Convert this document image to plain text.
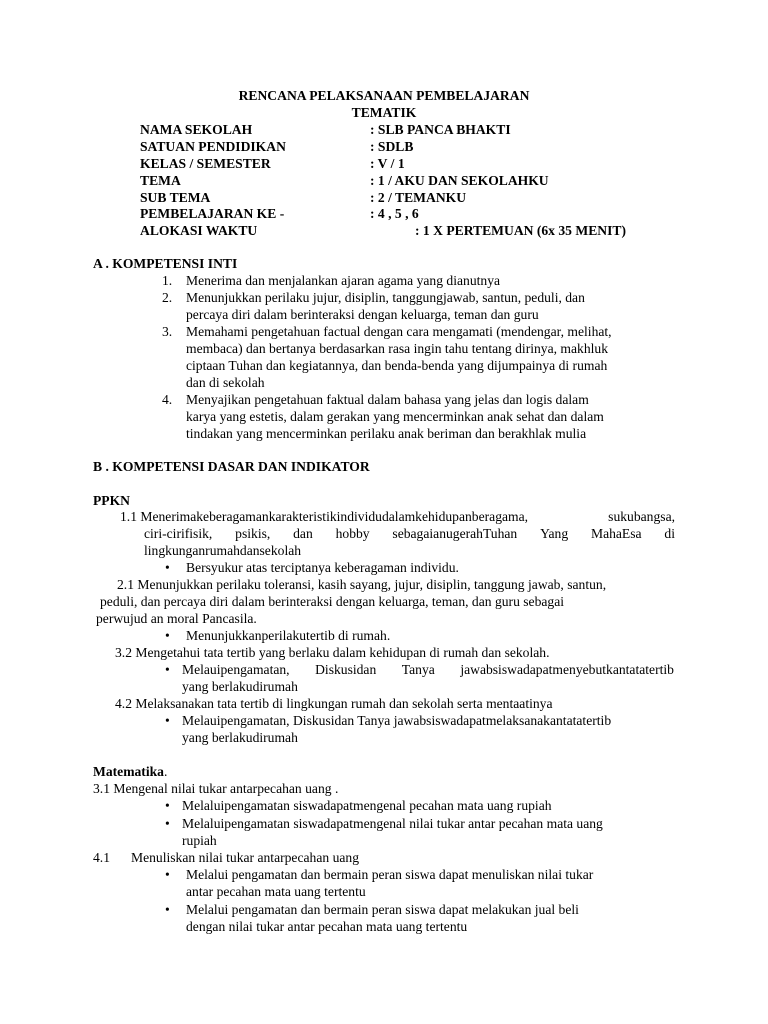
RENCANA PELAKSANAAN PEMBELAJARAN
TEMATIK
NAMA SEKOLAH	: SLB PANCA BHAKTI
SATUAN PENDIDIKAN	: SDLB
KELAS / SEMESTER	: V / 1
TEMA	: 1 / AKU DAN SEKOLAHKU
SUB TEMA	: 2 / TEMANKU
PEMBELAJARAN KE -	: 4 , 5 , 6
ALOKASI WAKTU	: 1 X PERTEMUAN (6x 35 MENIT)
A . KOMPETENSI INTI
1. Menerima dan menjalankan ajaran agama yang dianutnya
2. Menunjukkan perilaku jujur, disiplin, tanggungjawab, santun, peduli, dan
percaya diri dalam berinteraksi dengan keluarga, teman dan guru
3. Memahami pengetahuan factual dengan cara mengamati (mendengar, melihat,
membaca) dan bertanya berdasarkan rasa ingin tahu tentang dirinya, makhluk
ciptaan Tuhan dan kegiatannya, dan benda-benda yang dijumpainya di rumah
dan di sekolah
4. Menyajikan pengetahuan faktual dalam bahasa yang jelas dan logis dalam
karya yang estetis, dalam gerakan yang mencerminkan anak sehat dan dalam
tindakan yang mencerminkan perilaku anak beriman dan berakhlak mulia
B . KOMPETENSI DASAR DAN INDIKATOR
PPKN
1.1 Menerimakeberagamankarakteristikindividudalamkehidupanberagama,	sukubangsa,
ciri-cirifisik, psikis, dan hobby sebagaianugerahTuhan Yang MahaEsa di
lingkunganrumahdansekolah
• Bersyukur atas terciptanya keberagaman individu.
2.1 Menunjukkan perilaku toleransi, kasih sayang, jujur, disiplin, tanggung jawab, santun,
peduli, dan percaya diri dalam berinteraksi dengan keluarga, teman, dan guru sebagai
perwujud an moral Pancasila.
• Menunjukkanperilakutertib di rumah.
3.2 Mengetahui tata tertib yang berlaku dalam kehidupan di rumah dan sekolah.
• Melauipengamatan, Diskusidan Tanya jawabsiswadapatmenyebutkantatatertib
yang berlakudirumah
4.2 Melaksanakan tata tertib di lingkungan rumah dan sekolah serta mentaatinya
• Melauipengamatan, Diskusidan Tanya jawabsiswadapatmelaksanakantatatertib
yang berlakudirumah
Matematika.
3.1 Mengenal nilai tukar antarpecahan uang .
• Melaluipengamatan siswadapatmengenal pecahan mata uang rupiah
• Melaluipengamatan siswadapatmengenal nilai tukar antar pecahan mata uang
rupiah
4.1 Menuliskan nilai tukar antarpecahan uang
• Melalui pengamatan dan bermain peran siswa dapat menuliskan nilai tukar
antar pecahan mata uang tertentu
• Melalui pengamatan dan bermain peran siswa dapat melakukan jual beli
dengan nilai tukar antar pecahan mata uang tertentu
